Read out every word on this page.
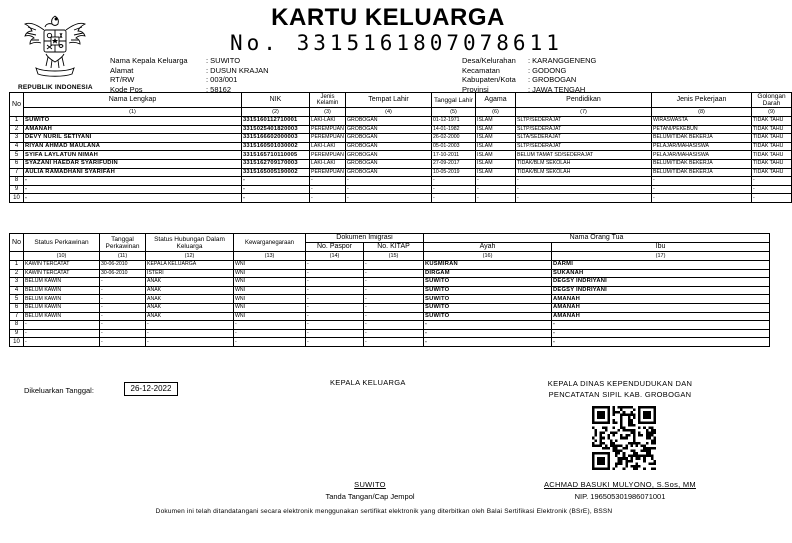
REPUBLIK INDONESIA
KARTU KELUARGA
No. 3315161807078611
Nama Kepala Keluarga	: SUWITO
Alamat	: DUSUN KRAJAN
RT/RW	: 003/001
Kode Pos	: 58162
Desa/Kelurahan	: KARANGGENENG
Kecamatan	: GODONG
Kabupaten/Kota	: GROBOGAN
Provinsi	: JAWA TENGAH
No	Nama Lengkap	NIK	Jenis Kelamin	Tempat Lahir	Tanggal Lahir	Agama	Pendidikan	Jenis Pekerjaan	Golongan Darah
	(1)	(2)	(3)	(4)	(5)	(6)	(7)	(8)	(9)
1	SUWITO	3315160112710001	LAKI-LAKI	GROBOGAN	01-12-1971	ISLAM	SLTP/SEDERAJAT	WIRASWASTA	TIDAK TAHU
2	AMANAH	3315025401820003	PEREMPUAN	GROBOGAN	14-01-1982	ISLAM	SLTP/SEDERAJAT	PETANI/PEKEBUN	TIDAK TAHU
3	DEVY NURIL SETIYANI	3315166602000003	PEREMPUAN	GROBOGAN	26-02-2000	ISLAM	SLTA/SEDERAJAT	BELUM/TIDAK BEKERJA	TIDAK TAHU
4	RIYAN AHMAD MAULANA	3315160501030002	LAKI-LAKI	GROBOGAN	05-01-2003	ISLAM	SLTP/SEDERAJAT	PELAJAR/MAHASISWA	TIDAK TAHU
5	SYIFA LAYLATUN NIMAH	3315165710110005	PEREMPUAN	GROBOGAN	17-10-2011	ISLAM	BELUM TAMAT SD/SEDERAJAT	PELAJAR/MAHASISWA	TIDAK TAHU
6	SYAZANI HAEDAR SYARIFUDIN	3315162709170003	LAKI-LAKI	GROBOGAN	27-09-2017	ISLAM	TIDAK/BLM SEKOLAH	BELUM/TIDAK BEKERJA	TIDAK TAHU
7	AULIA RAMADHANI SYARIFAH	3315165005190002	PEREMPUAN	GROBOGAN	10-05-2019	ISLAM	TIDAK/BLM SEKOLAH	BELUM/TIDAK BEKERJA	TIDAK TAHU
8	-	-	-	-	-	-	-	-	-
9	-	-	-	-	-	-	-	-	-
10	-	-	-	-	-	-	-	-	-
No	Status Perkawinan	Tanggal Perkawinan	Status Hubungan Dalam Keluarga	Kewarganegaraan	Dokumen Imigrasi		Nama Orang Tua	
					No. Paspor	No. KITAP	Ayah	Ibu
	(10)	(11)	(12)	(13)	(14)	(15)	(16)	(17)
1	KAWIN TERCATAT	30-06-2010	KEPALA KELUARGA	WNI	-	-	KUSMIRAN	DARMI
2	KAWIN TERCATAT	30-06-2010	ISTERI	WNI	-	-	DIRGAM	SUKANAH
3	BELUM KAWIN	-	ANAK	WNI	-	-	SUWITO	DEGSY INDRIYANI
4	BELUM KAWIN	-	ANAK	WNI	-	-	SUWITO	DEGSY INDRIYANI
5	BELUM KAWIN	-	ANAK	WNI	-	-	SUWITO	AMANAH
6	BELUM KAWIN	-	ANAK	WNI	-	-	SUWITO	AMANAH
7	BELUM KAWIN	-	ANAK	WNI	-	-	SUWITO	AMANAH
8	-	-	-	-	-	-	-	-
9	-	-	-	-	-	-	-	-
10	-	-	-	-	-	-	-	-
Dikeluarkan Tanggal:	26-12-2022
KEPALA KELUARGA	KEPALA DINAS KEPENDUDUKAN DAN
PENCATATAN SIPIL KAB. GROBOGAN
SUWITO
Tanda Tangan/Cap Jempol
ACHMAD BASUKI MULYONO, S.Sos, MM
NIP. 196505301986071001
Dokumen ini telah ditandatangani secara elektronik menggunakan sertifikat elektronik yang diterbitkan oleh Balai Sertifikasi Elektronik (BSrE), BSSN
